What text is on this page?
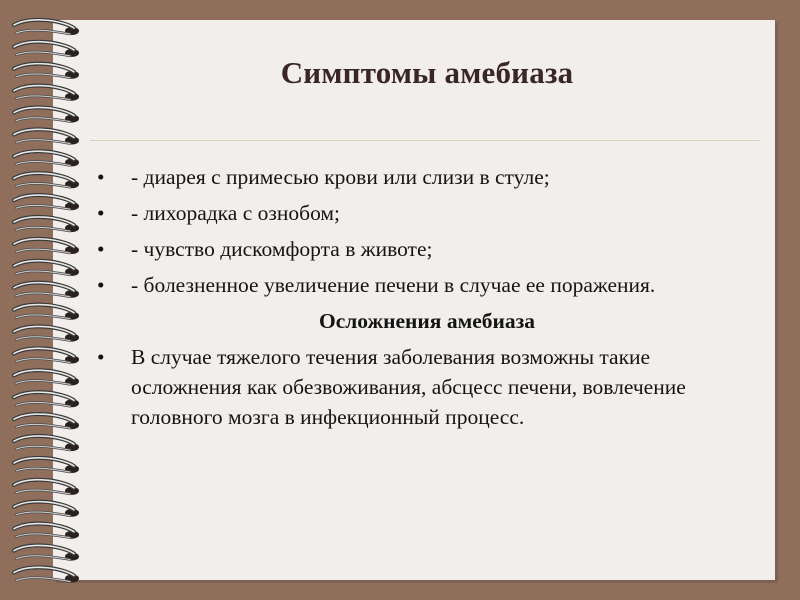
Симптомы амебиаза
• - диарея с примесью крови или слизи в стуле;
• - лихорадка с ознобом;
• - чувство дискомфорта в животе;
• - болезненное увеличение печени в случае ее поражения.
Осложнения амебиаза
• В случае тяжелого течения заболевания возможны такие осложнения как обезвоживания, абсцесс печени, вовлечение головного мозга в инфекционный процесс.
